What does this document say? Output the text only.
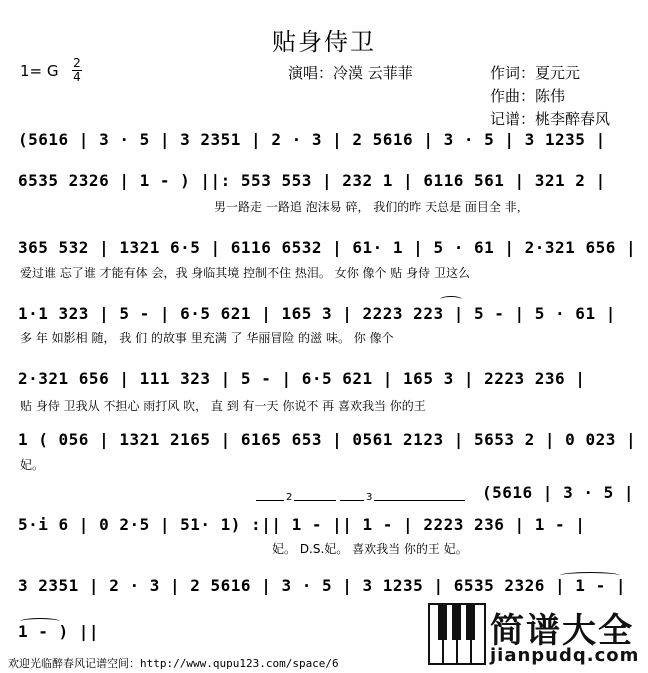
贴身侍卫
1= G 2
4	演唱：冷漠 云菲菲	作词：夏元元
作曲：陈伟
记谱：桃李醉春风
(5616 | 3 · 5 | 3 2351 | 2 · 3 | 2 5616 | 3 · 5 | 3 1235 |
6535 2326 | 1 - ) ||: 553 553 | 232 1 | 6116 561 | 321 2 |
男一路走 一路追 泡沫易 碎， 我们的昨 天总是 面目全 非，
365 532 | 1321 6·5 | 6116 6532 | 61· 1 | 5 · 61 | 2·321 656 |
爱过谁 忘了谁 才能有体 会，我 身临其境 控制不住 热泪。 女你 像个 贴 身侍 卫这么
1·1 323 | 5 - | 6·5 621 | 165 3 | 2223 223 | 5 - | 5 · 61 |
多 年 如影相 随， 我 们 的故事 里充满 了 华丽冒险 的滋 味。 你 像个
2·321 656 | 111 323 | 5 - | 6·5 621 | 165 3 | 2223 236 |
贴 身侍 卫我从 不担心 雨打风 吹， 直 到 有一天 你说不 再 喜欢我当 你的王
1 ( 056 | 1321 2165 | 6165 653 | 0561 2123 | 5653 2 | 0 023 |
妃。
2	3	(5616 | 3 · 5 |
5·i 6 | 0 2·5 | 51· 1) :|| 1 - || 1 - | 2223 236 | 1 - |
妃。 D.S.妃。 喜欢我当 你的王 妃。
3 2351 | 2 · 3 | 2 5616 | 3 · 5 | 3 1235 | 6535 2326 | 1 - |
1 - ) ||
欢迎光临醉春风记谱空间：http://www.qupu123.com/space/6
简谱大全
jianpudq.com
